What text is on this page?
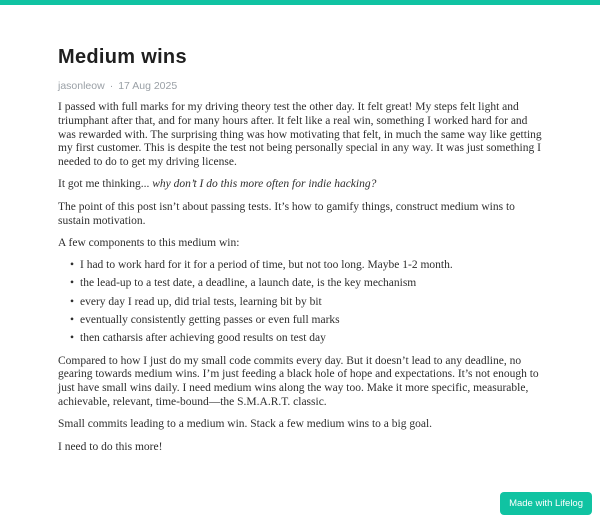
Medium wins
jasonleow · 17 Aug 2025

I passed with full marks for my driving theory test the other day. It felt great! My steps felt light and triumphant after that, and for many hours after. It felt like a real win, something I worked hard for and was rewarded with. The surprising thing was how motivating that felt, in much the same way like getting my first customer. This is despite the test not being personally special in any way. It was just something I needed to do to get my driving license.

It got me thinking... why don’t I do this more often for indie hacking?

The point of this post isn’t about passing tests. It’s how to gamify things, construct medium wins to sustain motivation.

A few components to this medium win:

• I had to work hard for it for a period of time, but not too long. Maybe 1-2 month.
• the lead-up to a test date, a deadline, a launch date, is the key mechanism
• every day I read up, did trial tests, learning bit by bit
• eventually consistently getting passes or even full marks
• then catharsis after achieving good results on test day

Compared to how I just do my small code commits every day. But it doesn’t lead to any deadline, no gearing towards medium wins. I’m just feeding a black hole of hope and expectations. It’s not enough to just have small wins daily. I need medium wins along the way too. Make it more specific, measurable, achievable, relevant, time-bound—the S.M.A.R.T. classic.

Small commits leading to a medium win. Stack a few medium wins to a big goal.

I need to do this more!

Made with Lifelog
